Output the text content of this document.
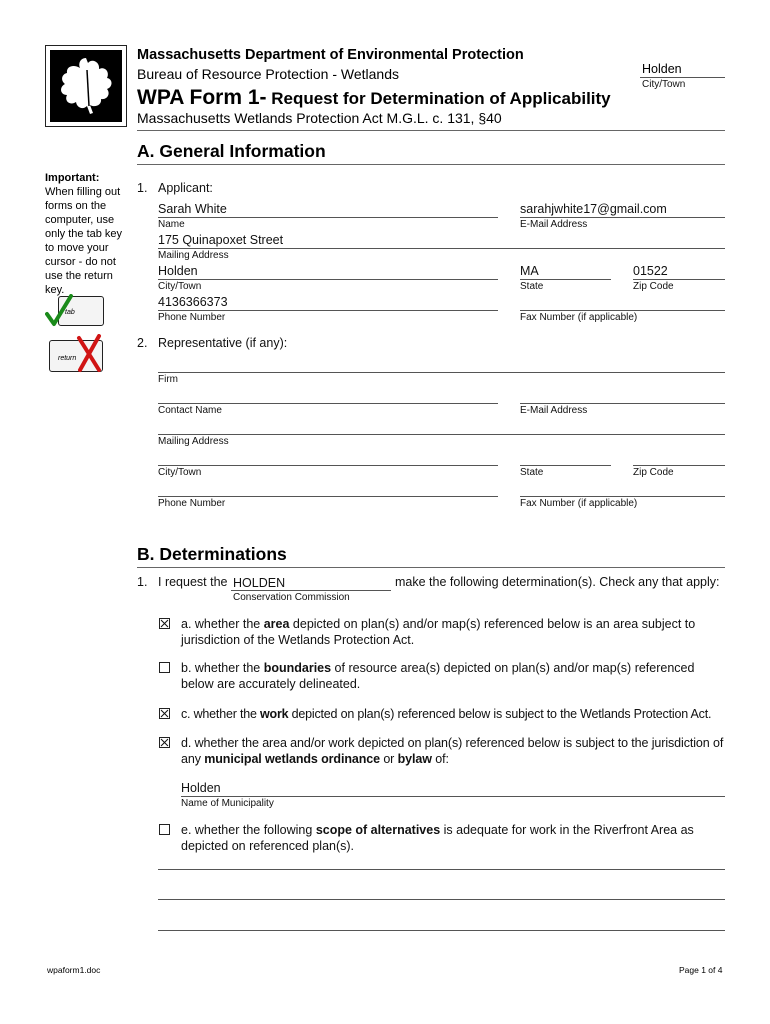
Massachusetts Department of Environmental Protection
Bureau of Resource Protection - Wetlands	Holden
City/Town
WPA Form 1- Request for Determination of Applicability
Massachusetts Wetlands Protection Act M.G.L. c. 131, §40
A. General Information
Important:
When filling out forms on the computer, use only the tab key to move your cursor - do not use the return key.
tab
return
1. Applicant:
Sarah White
Name
sarahjwhite17@gmail.com
E-Mail Address
175 Quinapoxet Street
Mailing Address
Holden
City/Town
MA
State
01522
Zip Code
4136366373
Phone Number	Fax Number (if applicable)
2. Representative (if any):
Firm
Contact Name	E-Mail Address
Mailing Address
City/Town	State	Zip Code
Phone Number	Fax Number (if applicable)
B. Determinations
1. I request the HOLDEN	make the following determination(s). Check any that apply:
Conservation Commission
a. whether the area depicted on plan(s) and/or map(s) referenced below is an area subject to jurisdiction of the Wetlands Protection Act.
b. whether the boundaries of resource area(s) depicted on plan(s) and/or map(s) referenced below are accurately delineated.
c. whether the work depicted on plan(s) referenced below is subject to the Wetlands Protection Act.
d. whether the area and/or work depicted on plan(s) referenced below is subject to the jurisdiction of any municipal wetlands ordinance or bylaw of:
Holden
Name of Municipality
e. whether the following scope of alternatives is adequate for work in the Riverfront Area as depicted on referenced plan(s).
wpaform1.doc	Page 1 of 4
